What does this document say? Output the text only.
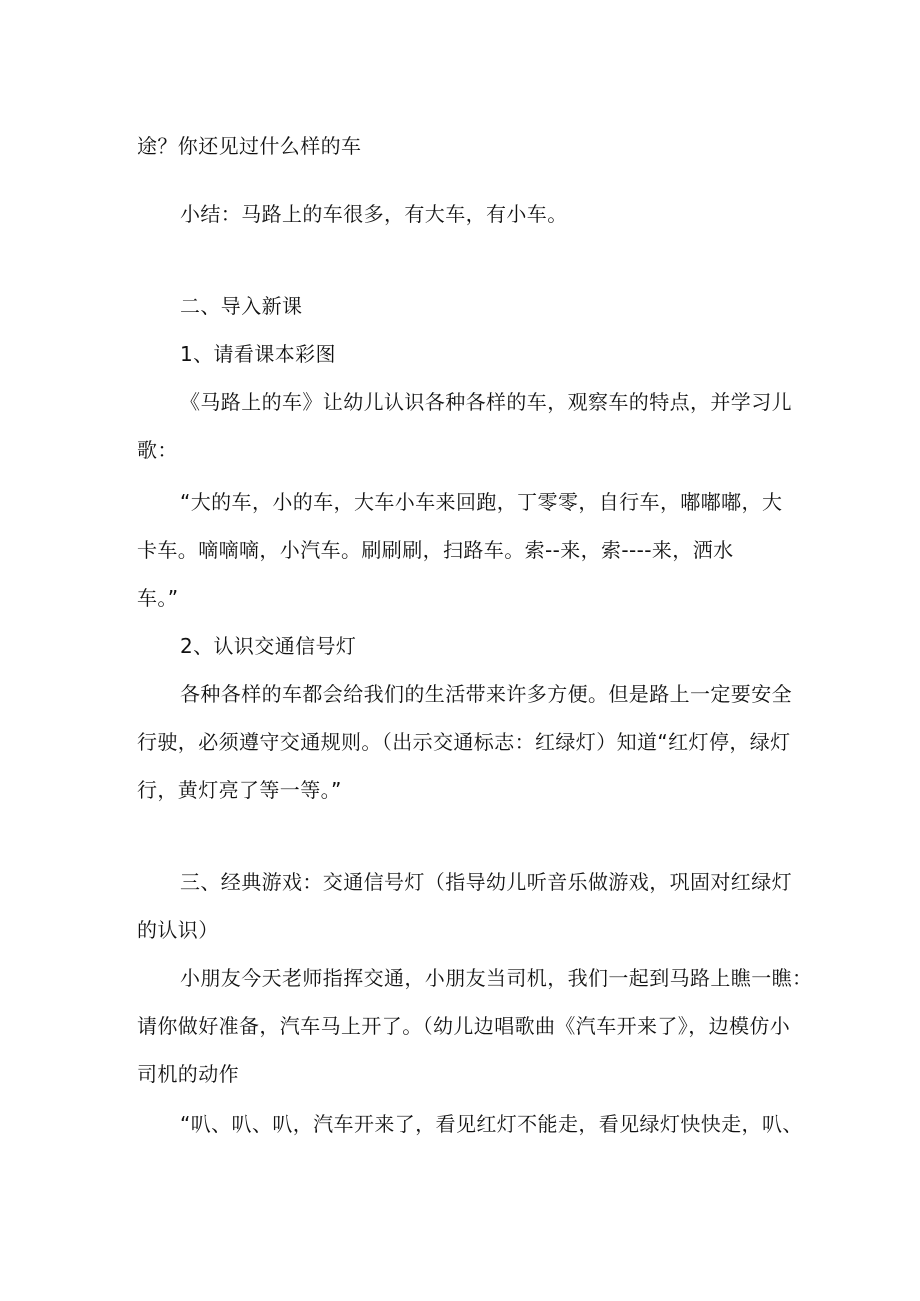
途？你还见过什么样的车
小结：马路上的车很多，有大车，有小车。
二、导入新课
1、请看课本彩图
《马路上的车》让幼儿认识各种各样的车，观察车的特点，并学习儿
歌：
“大的车，小的车，大车小车来回跑，丁零零，自行车，嘟嘟嘟，大
卡车。嘀嘀嘀，小汽车。刷刷刷，扫路车。索--来，索----来，洒水
车。”
2、认识交通信号灯
各种各样的车都会给我们的生活带来许多方便。但是路上一定要安全
行驶，必须遵守交通规则。（出示交通标志：红绿灯）知道“红灯停，绿灯
行，黄灯亮了等一等。”
三、经典游戏：交通信号灯（指导幼儿听音乐做游戏，巩固对红绿灯
的认识）
小朋友今天老师指挥交通，小朋友当司机，我们一起到马路上瞧一瞧：
请你做好准备，汽车马上开了。（幼儿边唱歌曲《汽车开来了》，边模仿小
司机的动作
“叭、叭、叭，汽车开来了，看见红灯不能走，看见绿灯快快走，叭、
